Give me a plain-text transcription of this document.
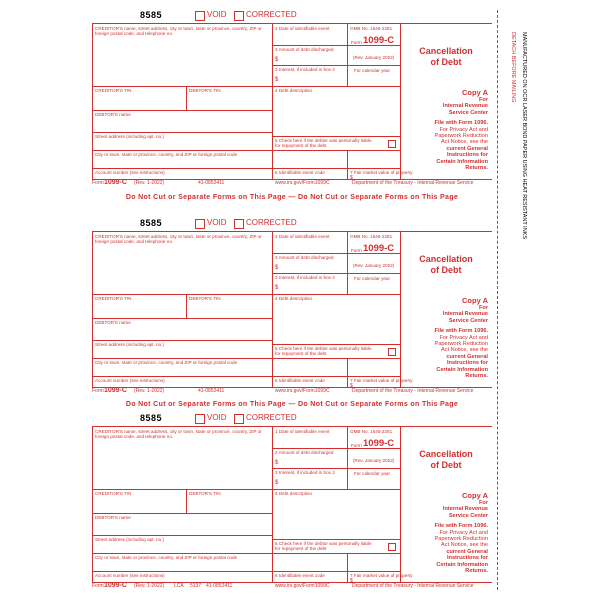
8585	VOID CORRECTED
CREDITOR'S name, street address, city or town, state or province, country, ZIP or foreign postal code, and telephone no.
1 Date of identifiable event	OMB No. 1545-2281
2 Amount of debt discharged
$
Form 1099-C
(Rev. January 2022)
3 Interest, if included in box 2
$
For calendar year
Cancellation
of Debt
CREDITOR'S TIN	DEBTOR'S TIN	4 Debt description
DEBTOR'S name
Street address (including apt. no.)
5 Check here if the debtor was personally liable for repayment of the debt
City or town, state or province, country, and ZIP or foreign postal code
Account number (see instructions)	6 Identifiable event code	7 Fair market value of property
$
Copy A
For
Internal Revenue
Service Center
File with Form 1096.
For Privacy Act and
Paperwork Reduction
Act Notice, see the
current General
Instructions for
Certain Information
Returns.
Form 1099-C (Rev. 1-2022)	41-0852411	www.irs.gov/Form1099C	Department of the Treasury - Internal Revenue Service
Do Not Cut or Separate Forms on This Page — Do Not Cut or Separate Forms on This Page
8585	VOID CORRECTED
CREDITOR'S name, street address, city or town, state or province, country, ZIP or foreign postal code, and telephone no.
1 Date of identifiable event	OMB No. 1545-2281
2 Amount of debt discharged
$
Form 1099-C
(Rev. January 2022)
3 Interest, if included in box 2
$
For calendar year
Cancellation
of Debt
CREDITOR'S TIN	DEBTOR'S TIN	4 Debt description
DEBTOR'S name
Street address (including apt. no.)
5 Check here if the debtor was personally liable for repayment of the debt
City or town, state or province, country, and ZIP or foreign postal code
Account number (see instructions)	6 Identifiable event code	7 Fair market value of property
$
Copy A
For
Internal Revenue
Service Center
File with Form 1096.
For Privacy Act and
Paperwork Reduction
Act Notice, see the
current General
Instructions for
Certain Information
Returns.
Form 1099-C (Rev. 1-2022)	41-0852411	www.irs.gov/Form1099C	Department of the Treasury - Internal Revenue Service
Do Not Cut or Separate Forms on This Page — Do Not Cut or Separate Forms on This Page
8585	VOID CORRECTED
CREDITOR'S name, street address, city or town, state or province, country, ZIP or foreign postal code, and telephone no.
1 Date of identifiable event	OMB No. 1545-2281
2 Amount of debt discharged
$
Form 1099-C
(Rev. January 2022)
3 Interest, if included in box 2
$
For calendar year
Cancellation
of Debt
CREDITOR'S TIN	DEBTOR'S TIN	4 Debt description
DEBTOR'S name
Street address (including apt. no.)
5 Check here if the debtor was personally liable for repayment of the debt
City or town, state or province, country, and ZIP or foreign postal code
Account number (see instructions)	6 Identifiable event code	7 Fair market value of property
$
Copy A
For
Internal Revenue
Service Center
File with Form 1096.
For Privacy Act and
Paperwork Reduction
Act Notice, see the
current General
Instructions for
Certain Information
Returns.
Form 1099-C (Rev. 1-2022) LCA 5137 41-0852411	www.irs.gov/Form1099C	Department of the Treasury - Internal Revenue Service
DETACH BEFORE MAILING MANUFACTURED ON OCR LASER BOND PAPER USING HEAT RESISTANT INKS
